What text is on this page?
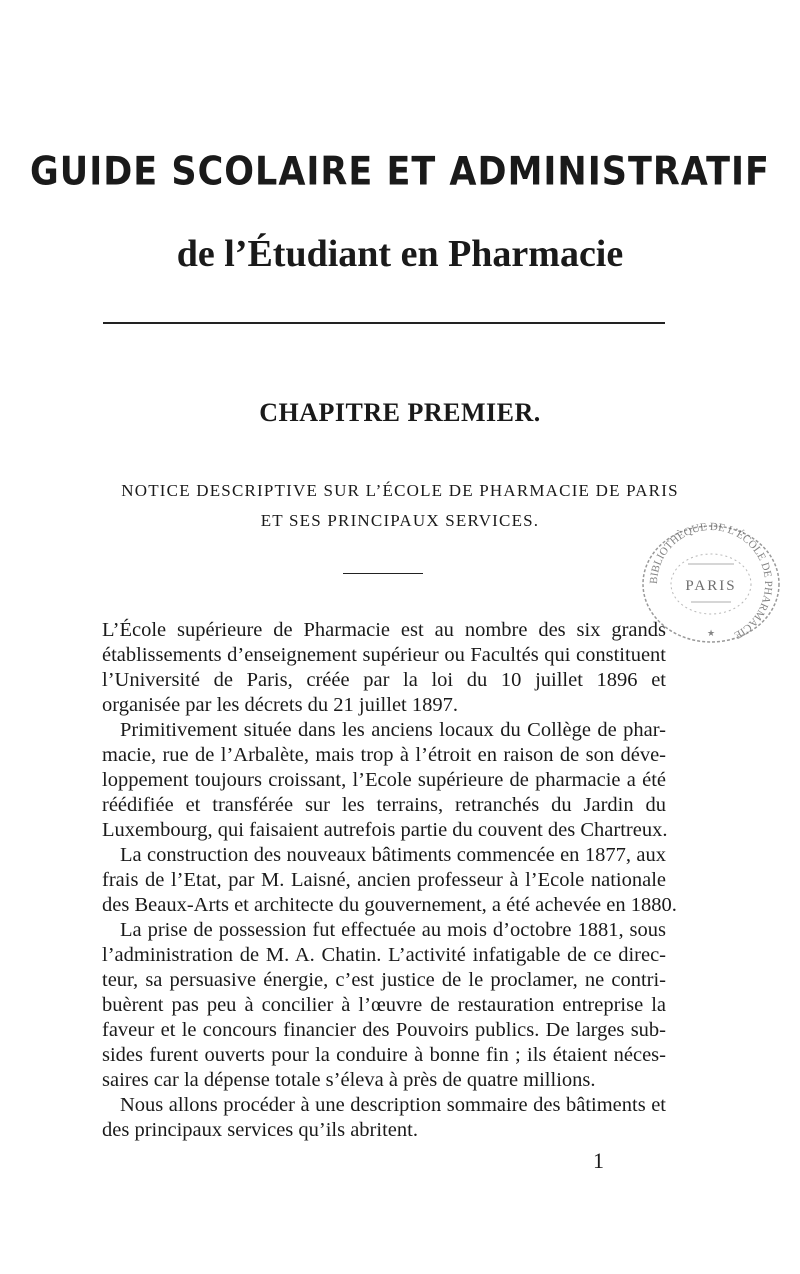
GUIDE SCOLAIRE ET ADMINISTRATIF
de l’Étudiant en Pharmacie
CHAPITRE PREMIER.

NOTICE DESCRIPTIVE SUR L’ÉCOLE DE PHARMACIE DE PARIS

ET SES PRINCIPAUX SERVICES.

BIBLIOTHÈQUE DE L’ÉCOLE DE PHARMACIE
PARIS
★
L’École supérieure de Pharmacie est au nombre des six grands
établissements d’enseignement supérieur ou Facultés qui constituent
l’Université de Paris, créée par la loi du 10 juillet 1896 et
organisée par les décrets du 21 juillet 1897.
Primitivement située dans les anciens locaux du Collège de phar-
macie, rue de l’Arbalète, mais trop à l’étroit en raison de son déve-
loppement toujours croissant, l’Ecole supérieure de pharmacie a été
réédifiée et transférée sur les terrains, retranchés du Jardin du
Luxembourg, qui faisaient autrefois partie du couvent des Chartreux.
La construction des nouveaux bâtiments commencée en 1877, aux
frais de l’Etat, par M. Laisné, ancien professeur à l’Ecole nationale
des Beaux-Arts et architecte du gouvernement, a été achevée en 1880.
La prise de possession fut effectuée au mois d’octobre 1881, sous
l’administration de M. A. Chatin. L’activité infatigable de ce direc-
teur, sa persuasive énergie, c’est justice de le proclamer, ne contri-
buèrent pas peu à concilier à l’œuvre de restauration entreprise la
faveur et le concours financier des Pouvoirs publics. De larges sub-
sides furent ouverts pour la conduire à bonne fin ; ils étaient néces-
saires car la dépense totale s’éleva à près de quatre millions.
Nous allons procéder à une description sommaire des bâtiments et
des principaux services qu’ils abritent.

1
